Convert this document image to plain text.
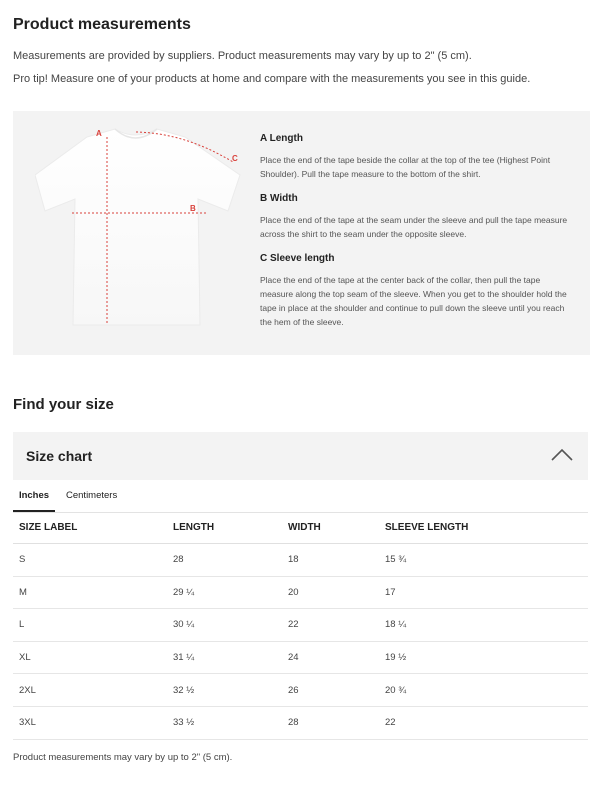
Product measurements

Measurements are provided by suppliers. Product measurements may vary by up to 2" (5 cm).

Pro tip! Measure one of your products at home and compare with the measurements you see in this guide.

A
B
C
A Length

Place the end of the tape beside the collar at the top of the tee (Highest Point Shoulder). Pull the tape measure to the bottom of the shirt.

B Width

Place the end of the tape at the seam under the sleeve and pull the tape measure across the shirt to the seam under the opposite sleeve.

C Sleeve length

Place the end of the tape at the center back of the collar, then pull the tape measure along the top seam of the sleeve. When you get to the shoulder hold the tape in place at the shoulder and continue to pull down the sleeve until you reach the hem of the sleeve.

Find your size
Size chart
Inches	Centimeters
SIZE LABEL	LENGTH	WIDTH	SLEEVE LENGTH
S	28	18	15 ¾
M	29 ¼	20	17
L	30 ¼	22	18 ¼
XL	31 ¼	24	19 ½
2XL	32 ½	26	20 ¾
3XL	33 ½	28	22

Product measurements may vary by up to 2" (5 cm).
